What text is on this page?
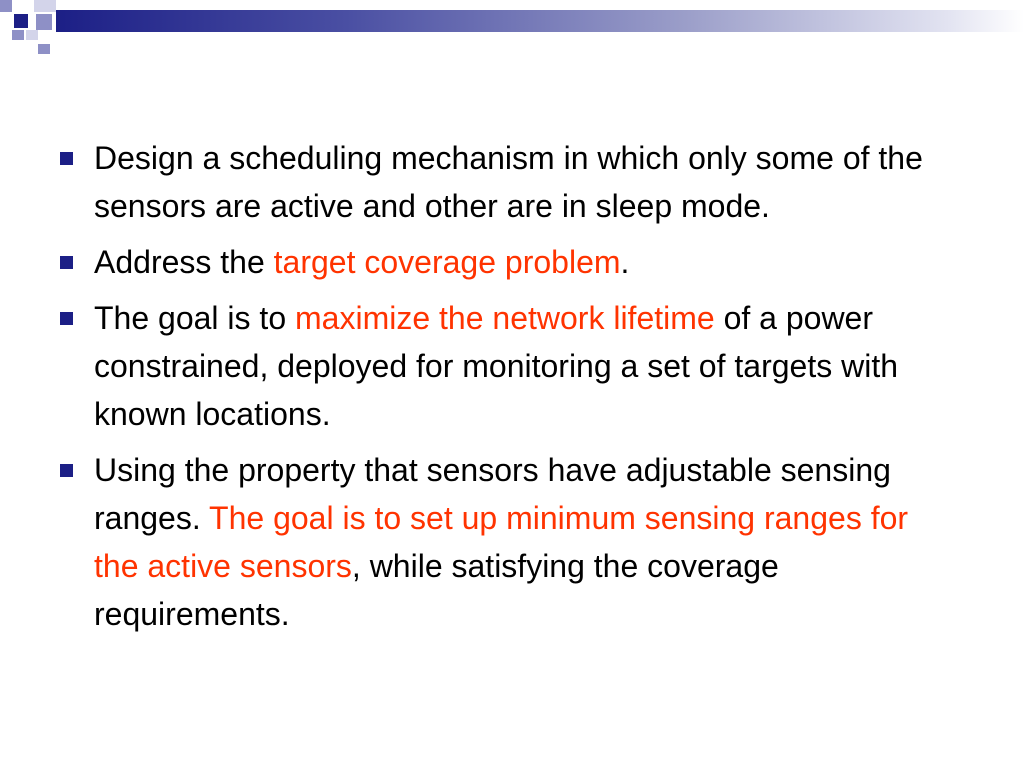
Design a scheduling mechanism in which only some of the sensors are active and other are in sleep mode.
Address the target coverage problem.
The goal is to maximize the network lifetime of a power constrained, deployed for monitoring a set of targets with known locations.
Using the property that sensors have adjustable sensing ranges. The goal is to set up minimum sensing ranges for the active sensors, while satisfying the coverage requirements.
